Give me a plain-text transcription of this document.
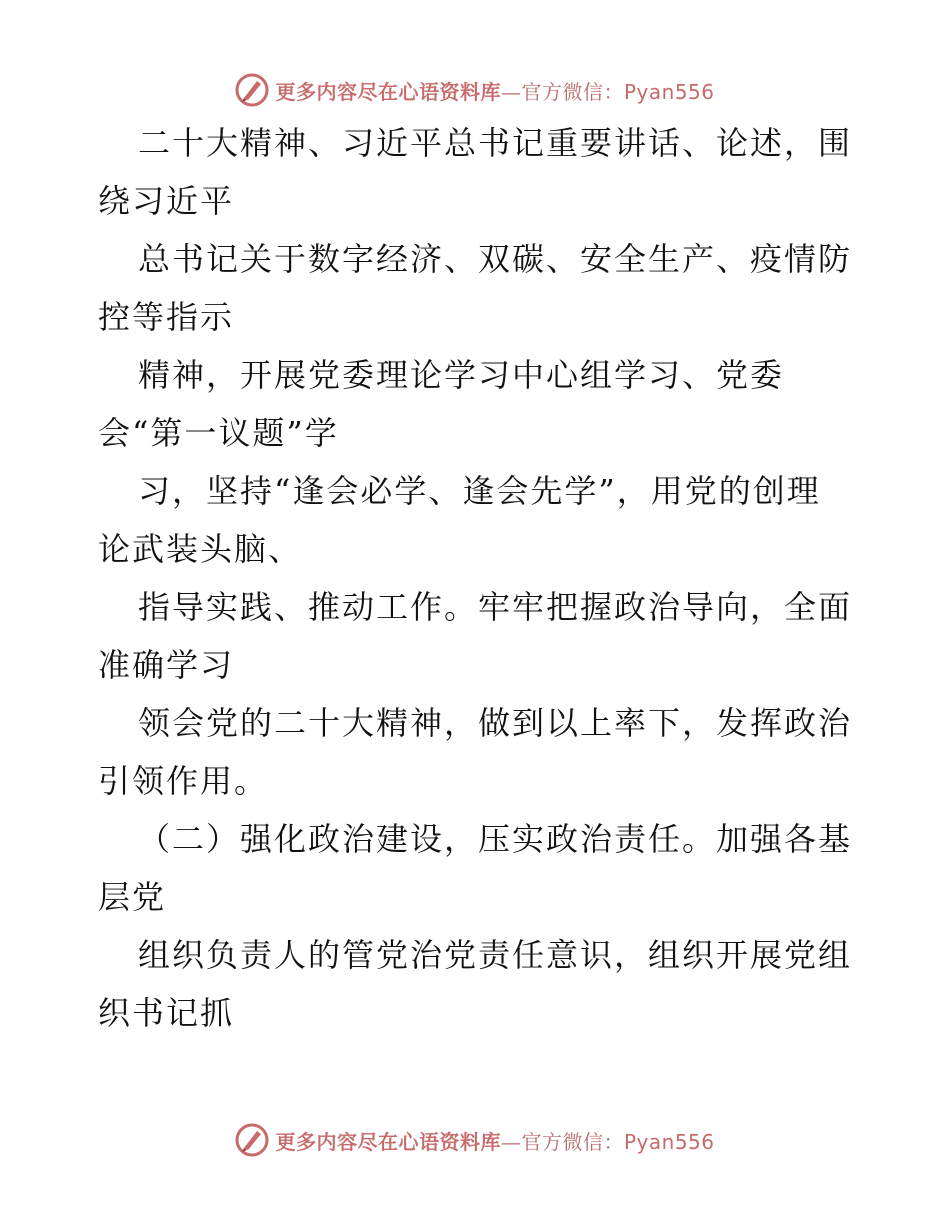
更多内容尽在心语资料库—官方微信：Pyan556
二十大精神、习近平总书记重要讲话、论述，围
绕习近平
总书记关于数字经济、双碳、安全生产、疫情防
控等指示
精神，开展党委理论学习中心组学习、党委
会“第一议题”学
习，坚持“逢会必学、逢会先学”，用党的创理
论武装头脑、
指导实践、推动工作。牢牢把握政治导向，全面
准确学习
领会党的二十大精神，做到以上率下，发挥政治
引领作用。
（二）强化政治建设，压实政治责任。加强各基
层党
组织负责人的管党治党责任意识，组织开展党组
织书记抓
更多内容尽在心语资料库—官方微信：Pyan556
